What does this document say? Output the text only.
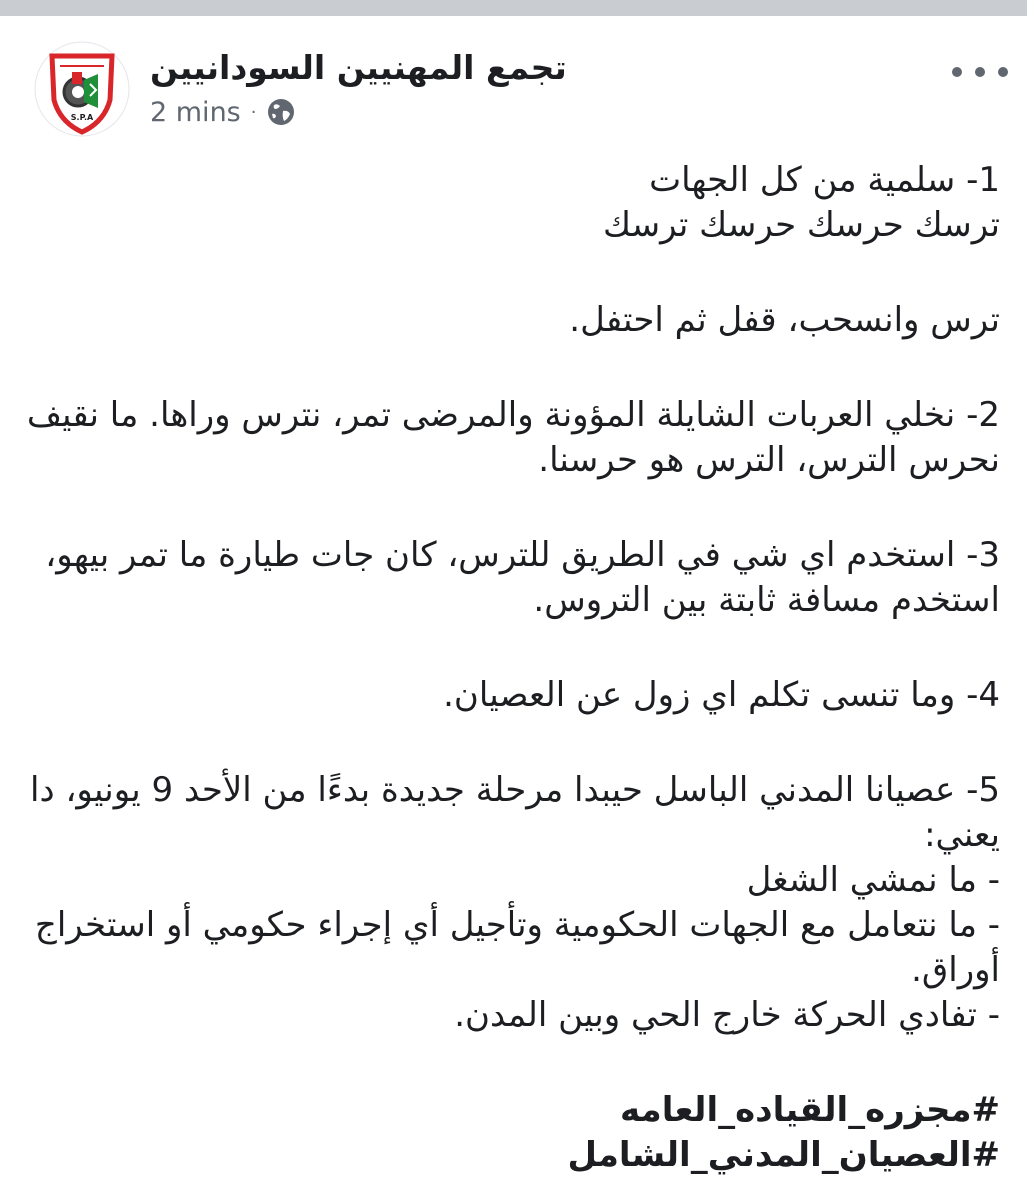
S.P.A
تجمع المهنيين السودانيين
2 mins ·

1- سلمية من كل الجهات

ترسك حرسك حرسك ترسك

ترس وانسحب، قفل ثم احتفل.

2- نخلي العربات الشايلة المؤونة والمرضى تمر، نترس وراها. ما نقيف

نحرس الترس، الترس هو حرسنا.

3- استخدم اي شي في الطريق للترس، كان جات طيارة ما تمر بيهو،

استخدم مسافة ثابتة بين التروس.

4- وما تنسى تكلم اي زول عن العصيان.

5- عصيانا المدني الباسل حيبدا مرحلة جديدة بدءًا من الأحد 9 يونيو، دا

يعني:

- ما نمشي الشغل

- ما نتعامل مع الجهات الحكومية وتأجيل أي إجراء حكومي أو استخراج

أوراق.

- تفادي الحركة خارج الحي وبين المدن.

#مجزره_القياده_العامه

#العصيان_المدني_الشامل
